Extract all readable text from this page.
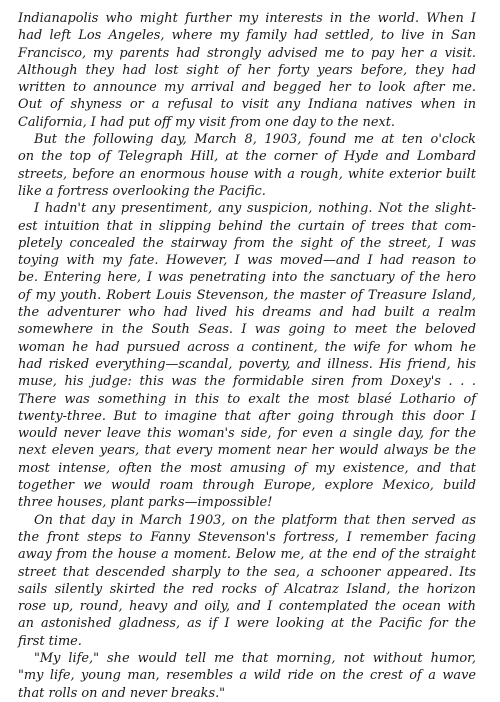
Indianapolis who might further my interests in the world. When I
had left Los Angeles, where my family had settled, to live in San
Francisco, my parents had strongly advised me to pay her a visit.
Although they had lost sight of her forty years before, they had
written to announce my arrival and begged her to look after me.
Out of shyness or a refusal to visit any Indiana natives when in
California, I had put off my visit from one day to the next.
But the following day, March 8, 1903, found me at ten o'clock
on the top of Telegraph Hill, at the corner of Hyde and Lombard
streets, before an enormous house with a rough, white exterior built
like a fortress overlooking the Pacific.
I hadn't any presentiment, any suspicion, nothing. Not the slight-
est intuition that in slipping behind the curtain of trees that com-
pletely concealed the stairway from the sight of the street, I was
toying with my fate. However, I was moved—and I had reason to
be. Entering here, I was penetrating into the sanctuary of the hero
of my youth. Robert Louis Stevenson, the master of Treasure Island,
the adventurer who had lived his dreams and had built a realm
somewhere in the South Seas. I was going to meet the beloved
woman he had pursued across a continent, the wife for whom he
had risked everything—scandal, poverty, and illness. His friend, his
muse, his judge: this was the formidable siren from Doxey's . . .
There was something in this to exalt the most blasé Lothario of
twenty-three. But to imagine that after going through this door I
would never leave this woman's side, for even a single day, for the
next eleven years, that every moment near her would always be the
most intense, often the most amusing of my existence, and that
together we would roam through Europe, explore Mexico, build
three houses, plant parks—impossible!
On that day in March 1903, on the platform that then served as
the front steps to Fanny Stevenson's fortress, I remember facing
away from the house a moment. Below me, at the end of the straight
street that descended sharply to the sea, a schooner appeared. Its
sails silently skirted the red rocks of Alcatraz Island, the horizon
rose up, round, heavy and oily, and I contemplated the ocean with
an astonished gladness, as if I were looking at the Pacific for the
first time.
"My life," she would tell me that morning, not without humor,
"my life, young man, resembles a wild ride on the crest of a wave
that rolls on and never breaks."
